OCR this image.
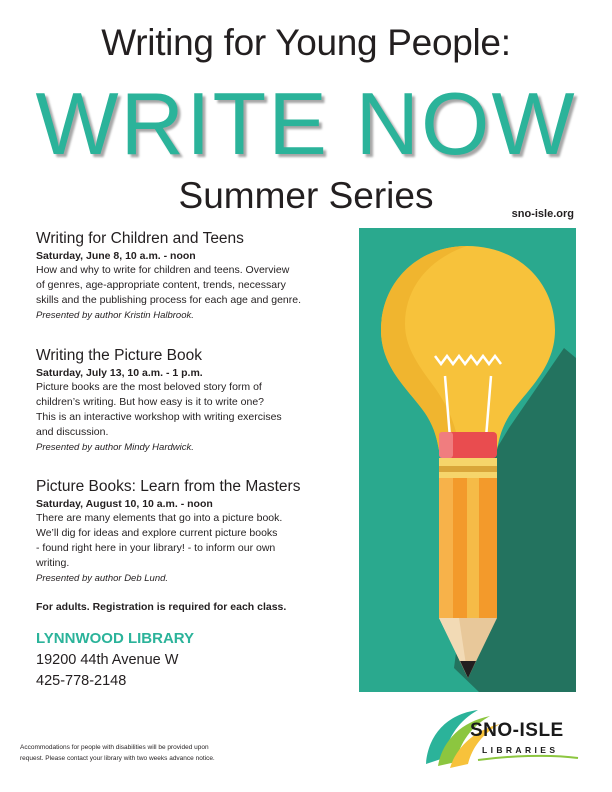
Writing for Young People:
WRITE NOW
Summer Series	sno-isle.org
Writing for Children and Teens
Saturday, June 8, 10 a.m. - noon
How and why to write for children and teens. Overview
of genres, age-appropriate content, trends, necessary
skills and the publishing process for each age and genre.
Presented by author Kristin Halbrook.
Writing the Picture Book
Saturday, July 13, 10 a.m. - 1 p.m.
Picture books are the most beloved story form of
children’s writing. But how easy is it to write one?
This is an interactive workshop with writing exercises
and discussion.
Presented by author Mindy Hardwick.
Picture Books: Learn from the Masters
Saturday, August 10, 10 a.m. - noon
There are many elements that go into a picture book.
We’ll dig for ideas and explore current picture books
- found right here in your library! - to inform our own
writing.
Presented by author Deb Lund.
For adults. Registration is required for each class.
LYNNWOOD LIBRARY
19200 44th Avenue W
425-778-2148
Accommodations for people with disabilities will be provided upon
request. Please contact your library with two weeks advance notice.
SNO-ISLE
LIBRARIES
